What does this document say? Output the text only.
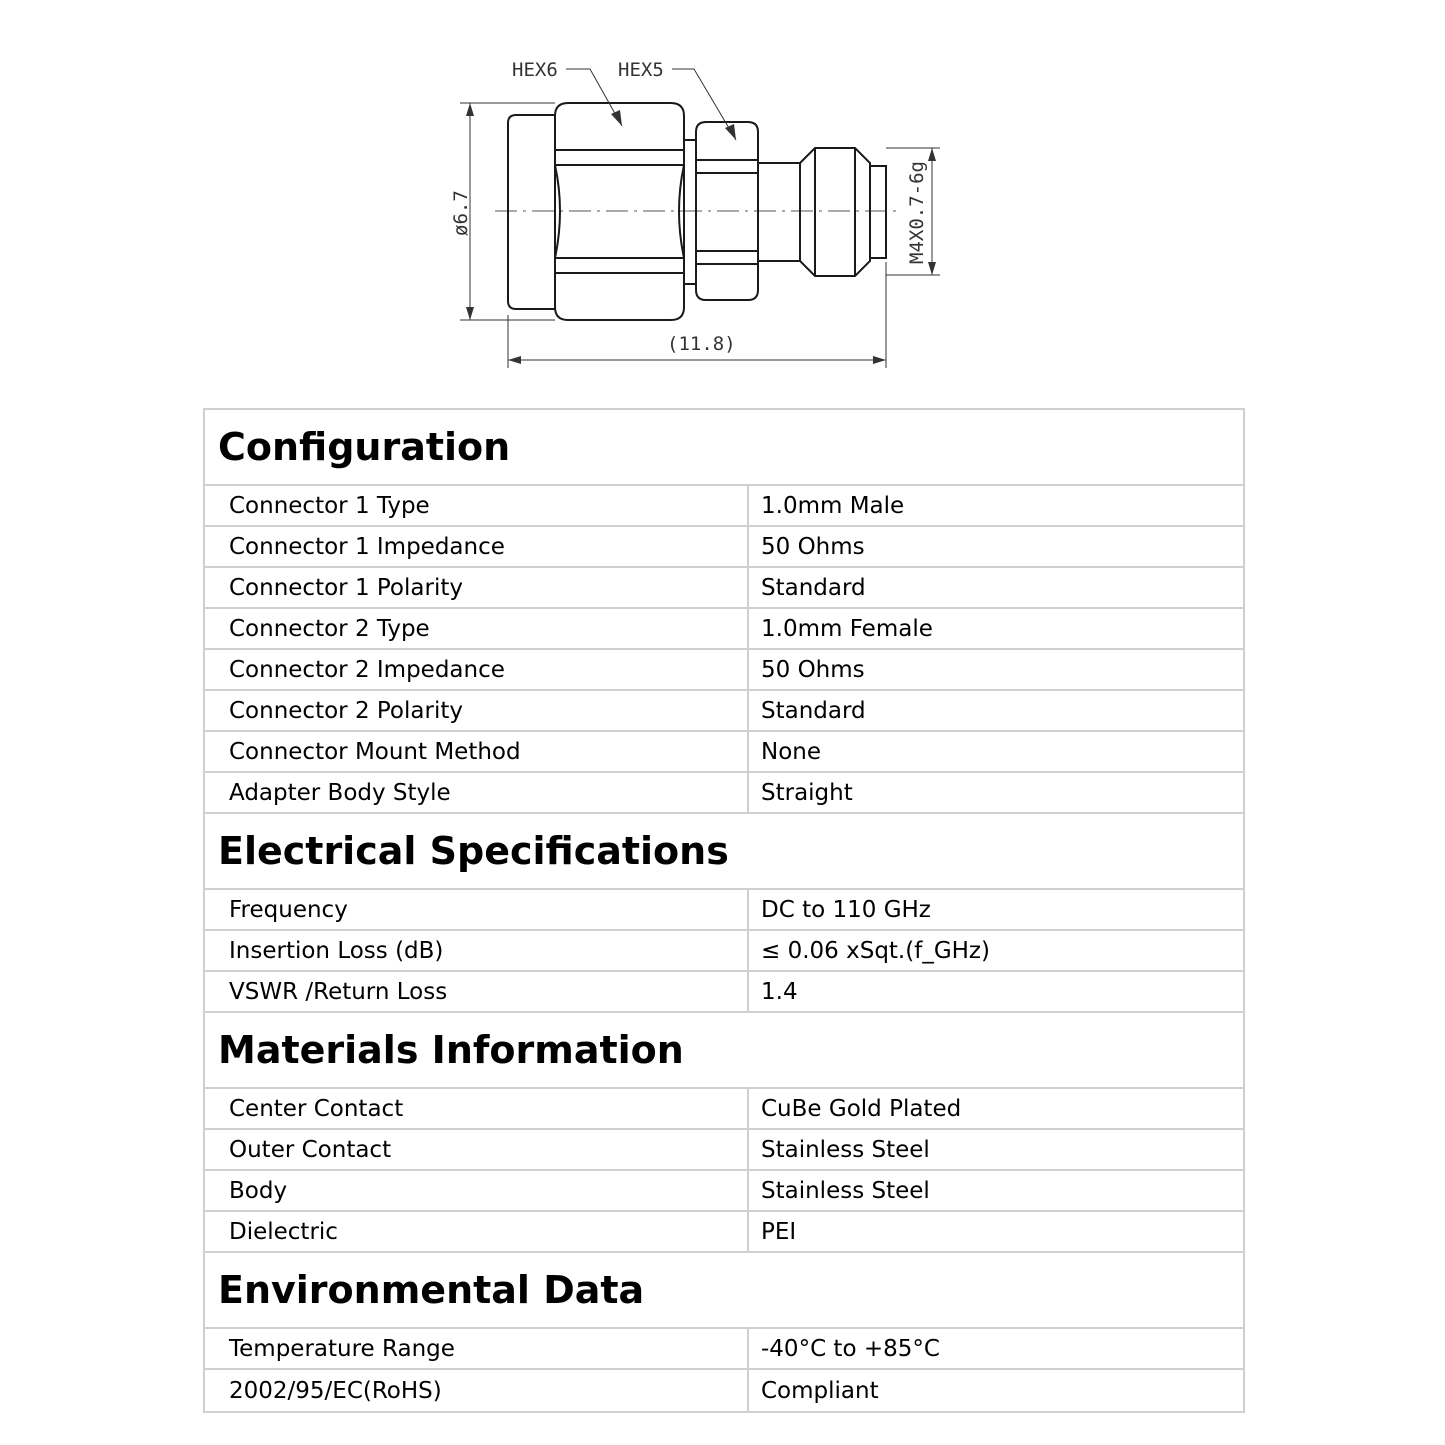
HEX6	HEX5
ø6.7
(11.8)
M4X0.7-6g
Configuration
Connector 1 Type	1.0mm Male
Connector 1 Impedance	50 Ohms
Connector 1 Polarity	Standard
Connector 2 Type	1.0mm Female
Connector 2 Impedance	50 Ohms
Connector 2 Polarity	Standard
Connector Mount Method	None
Adapter Body Style	Straight
Electrical Specifications
Frequency	DC to 110 GHz
Insertion Loss (dB)	≤ 0.06 xSqt.(f_GHz)
VSWR /Return Loss	1.4
Materials Information
Center Contact	CuBe Gold Plated
Outer Contact	Stainless Steel
Body	Stainless Steel
Dielectric	PEI
Environmental Data
Temperature Range	-40°C to +85°C
2002/95/EC(RoHS)	Compliant
